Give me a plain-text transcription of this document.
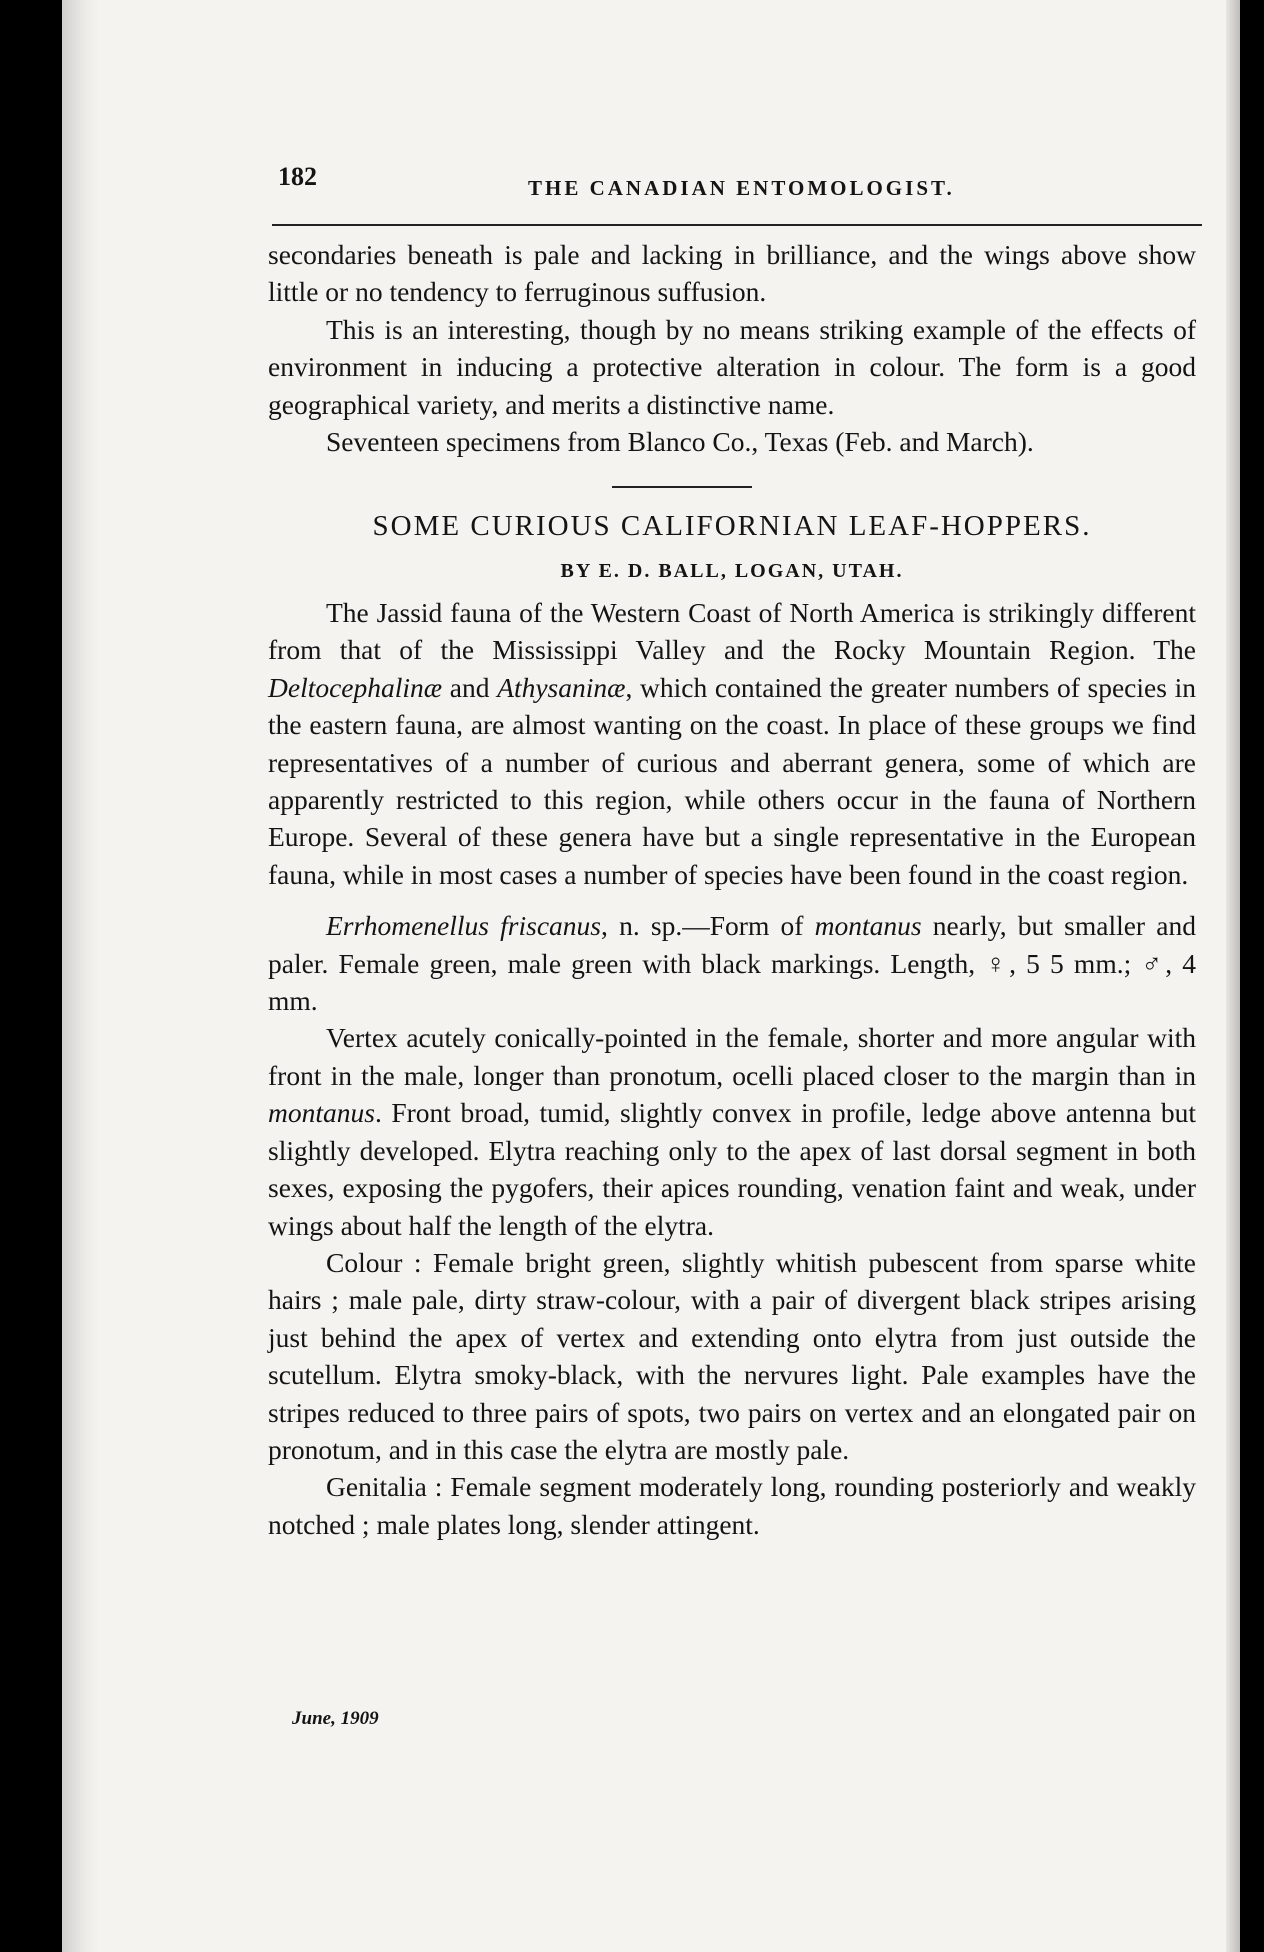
182	THE CANADIAN ENTOMOLOGIST.

secondaries beneath is pale and lacking in brilliance, and the wings above show little or no tendency to ferruginous suffusion.

This is an interesting, though by no means striking example of the effects of environment in inducing a protective alteration in colour. The form is a good geographical variety, and merits a distinctive name.

Seventeen specimens from Blanco Co., Texas (Feb. and March).

SOME CURIOUS CALIFORNIAN LEAF-HOPPERS.
BY E. D. BALL, LOGAN, UTAH.

The Jassid fauna of the Western Coast of North America is strikingly different from that of the Mississippi Valley and the Rocky Mountain Region. The Deltocephalinæ and Athysaninæ, which contained the greater numbers of species in the eastern fauna, are almost wanting on the coast. In place of these groups we find representatives of a number of curious and aberrant genera, some of which are apparently restricted to this region, while others occur in the fauna of Northern Europe. Several of these genera have but a single representative in the European fauna, while in most cases a number of species have been found in the coast region.

Errhomenellus friscanus, n. sp.—Form of montanus nearly, but smaller and paler. Female green, male green with black markings. Length, ♀, 5 5 mm.; ♂, 4 mm.

Vertex acutely conically-pointed in the female, shorter and more angular with front in the male, longer than pronotum, ocelli placed closer to the margin than in montanus. Front broad, tumid, slightly convex in profile, ledge above antenna but slightly developed. Elytra reaching only to the apex of last dorsal segment in both sexes, exposing the pygofers, their apices rounding, venation faint and weak, under wings about half the length of the elytra.

Colour : Female bright green, slightly whitish pubescent from sparse white hairs ; male pale, dirty straw-colour, with a pair of divergent black stripes arising just behind the apex of vertex and extending onto elytra from just outside the scutellum. Elytra smoky-black, with the nervures light. Pale examples have the stripes reduced to three pairs of spots, two pairs on vertex and an elongated pair on pronotum, and in this case the elytra are mostly pale.

Genitalia : Female segment moderately long, rounding posteriorly and weakly notched ; male plates long, slender attingent.

June, 1909
